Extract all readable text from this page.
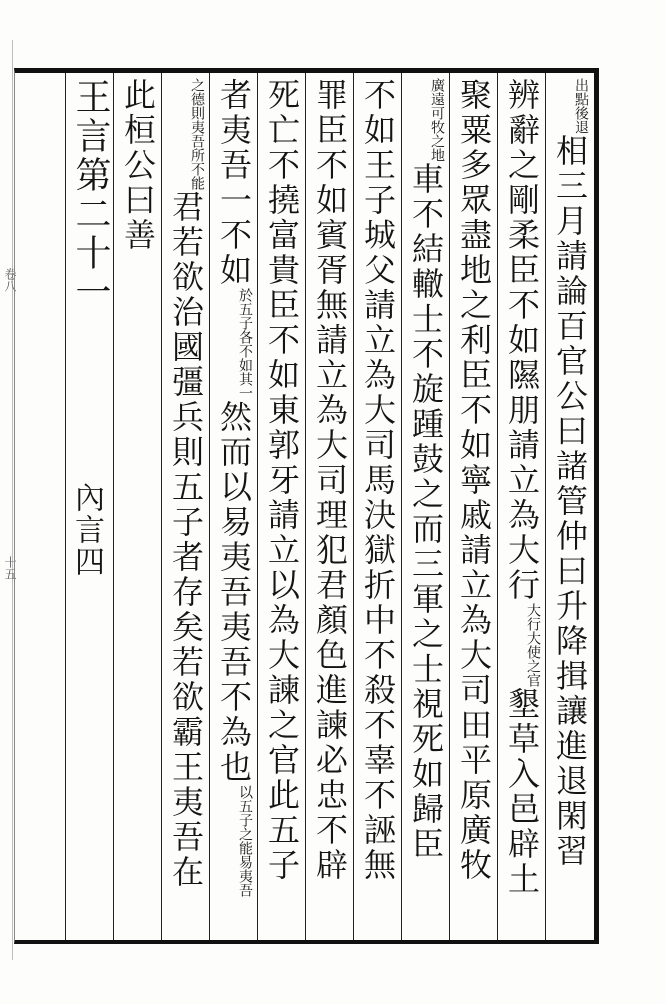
卷八
十五
出點後退相三月請論百官公曰諸管仲曰升降揖讓進退閑習
辨辭之剛柔臣不如隰朋請立為大行大行大使之官墾草入邑辟土
聚粟多眾盡地之利臣不如寧戚請立為大司田平原廣牧
廣遠可牧之地車不結轍士不旋踵鼓之而三軍之士視死如歸臣
不如王子城父請立為大司馬決獄折中不殺不辜不誣無
罪臣不如賓胥無請立為大司理犯君顏色進諫必忠不辟
死亡不撓富貴臣不如東郭牙請立以為大諫之官此五子
者夷吾一不如於五子各不如其一然而以易夷吾夷吾不為也以五子之能易夷吾
之德則夷吾所不能君若欲治國彊兵則五子者存矣若欲霸王夷吾在
此桓公曰善
王言第二十一
內言四
